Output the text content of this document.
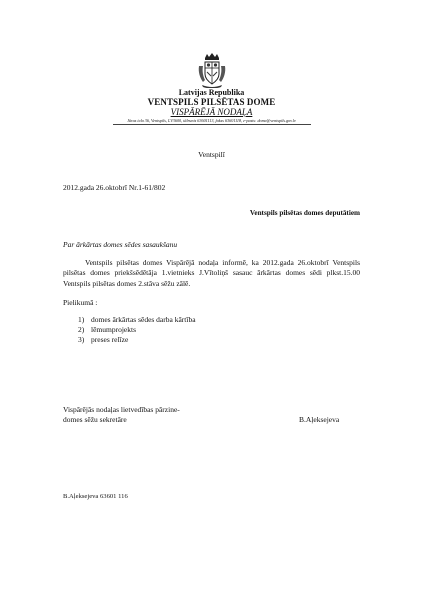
Latvijas Republika
VENTSPILS PILSĒTAS DOME
VISPĀRĒJĀ NODAĻA
Jūras iela 36, Ventspils, LV3600, tālrunis 63601113, fakss 63601118, e-pasts: dome@ventspils.gov.lv
Ventspilī
2012.gada 26.oktobrī Nr.1-61/802
Ventspils pilsētas domes deputātiem
Par ārkārtas domes sēdes sasaukšanu

Ventspils pilsētas domes Vispārējā nodaļa informē, ka 2012.gada 26.oktobrī Ventspils pilsētas domes priekšsēdētāja 1.vietnieks J.Vītoliņš sasauc ārkārtas domes sēdi plkst.15.00 Ventspils pilsētas domes 2.stāva sēžu zālē.

Pielikumā :
1) domes ārkārtas sēdes darba kārtība
2) lēmumprojekts
3) preses relīze
Vispārējās nodaļas lietvedības pārzine-
domes sēžu sekretāre	B.Aļeksejeva
B.Aļeksejeva 63601 116
